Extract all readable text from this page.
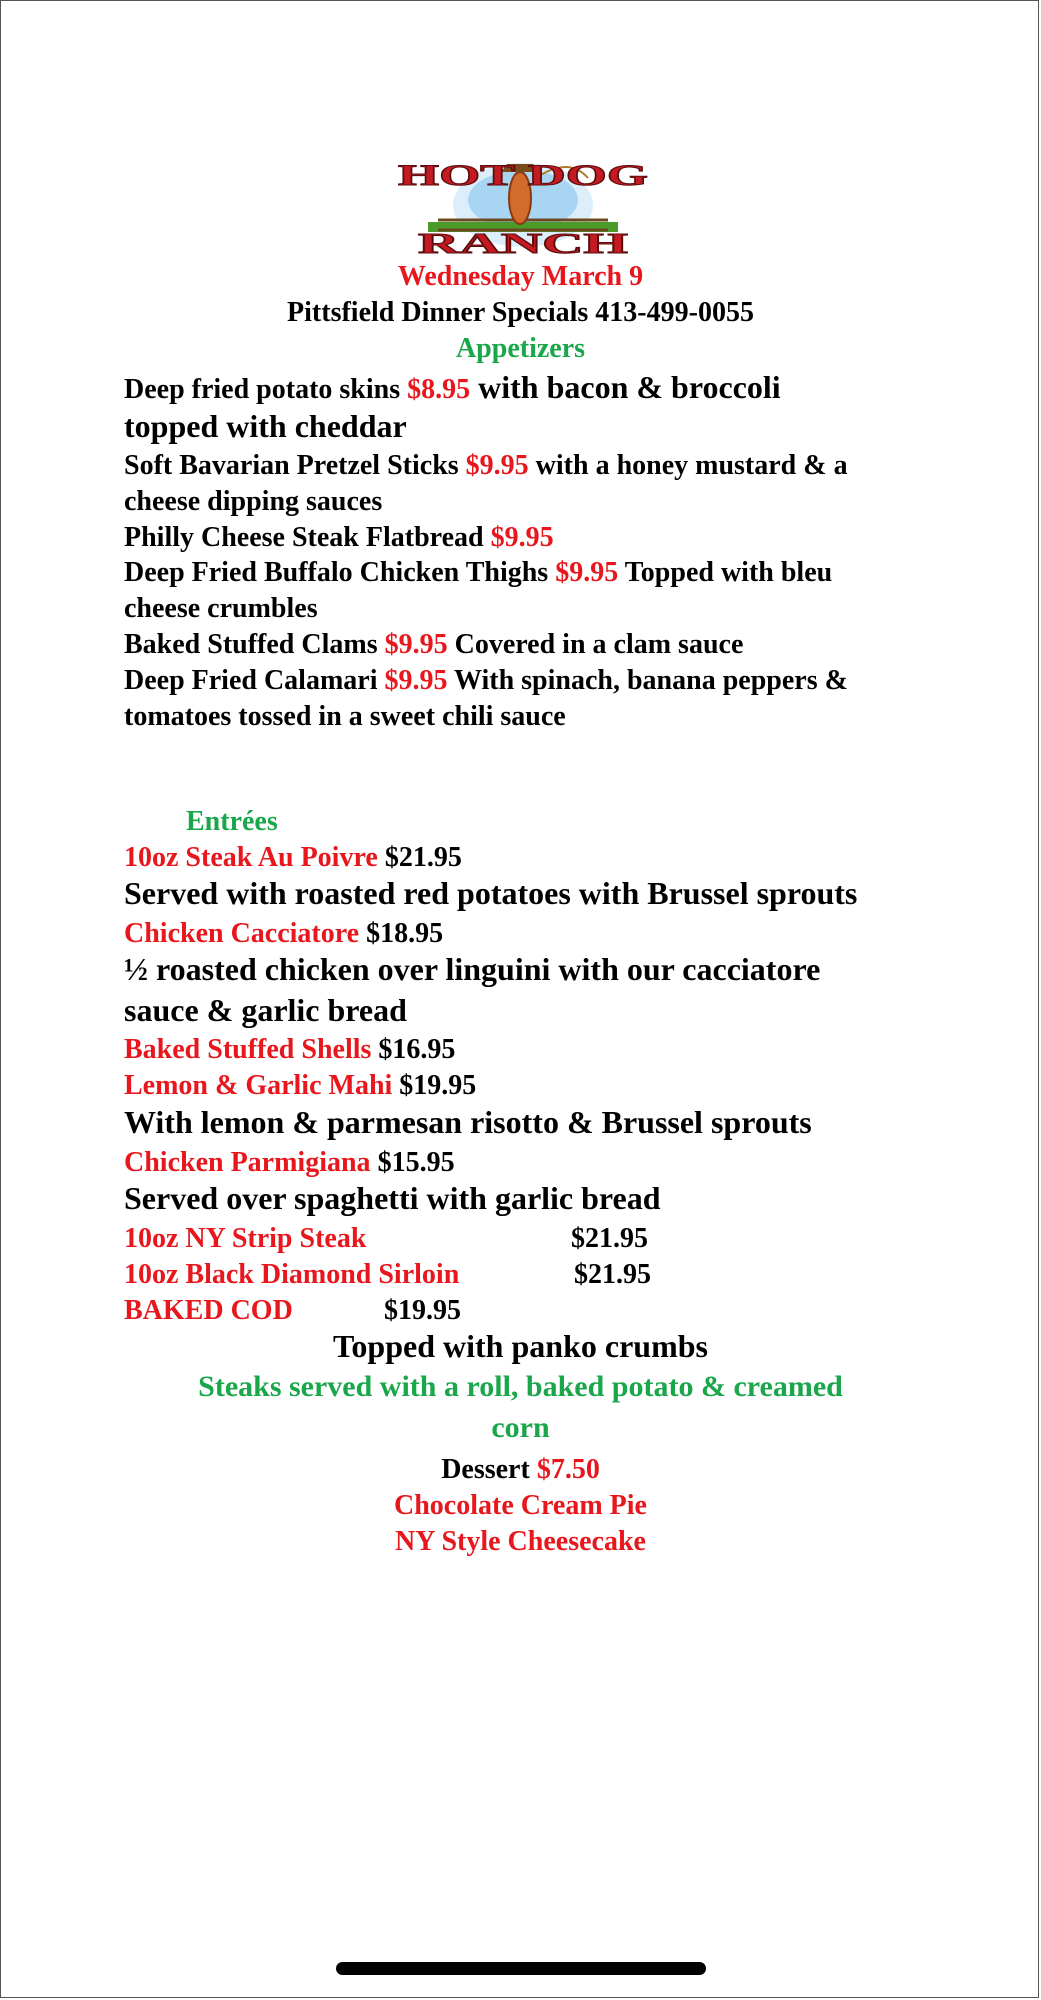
HOT DOG
RANCH
Wednesday March 9
Pittsfield Dinner Specials 413-499-0055
Appetizers
Deep fried potato skins $8.95 with bacon & broccoli
topped with cheddar
Soft Bavarian Pretzel Sticks $9.95 with a honey mustard & a
cheese dipping sauces
Philly Cheese Steak Flatbread $9.95
Deep Fried Buffalo Chicken Thighs $9.95 Topped with bleu
cheese crumbles
Baked Stuffed Clams $9.95 Covered in a clam sauce
Deep Fried Calamari $9.95 With spinach, banana peppers &
tomatoes tossed in a sweet chili sauce
Entrées
10oz Steak Au Poivre $21.95
Served with roasted red potatoes with Brussel sprouts
Chicken Cacciatore $18.95
½ roasted chicken over linguini with our cacciatore
sauce & garlic bread
Baked Stuffed Shells $16.95
Lemon & Garlic Mahi $19.95
With lemon & parmesan risotto & Brussel sprouts
Chicken Parmigiana $15.95
Served over spaghetti with garlic bread
10oz NY Strip Steak	$21.95
10oz Black Diamond Sirloin	$21.95
BAKED COD	$19.95
Topped with panko crumbs
Steaks served with a roll, baked potato & creamed
corn
Dessert $7.50
Chocolate Cream Pie
NY Style Cheesecake
